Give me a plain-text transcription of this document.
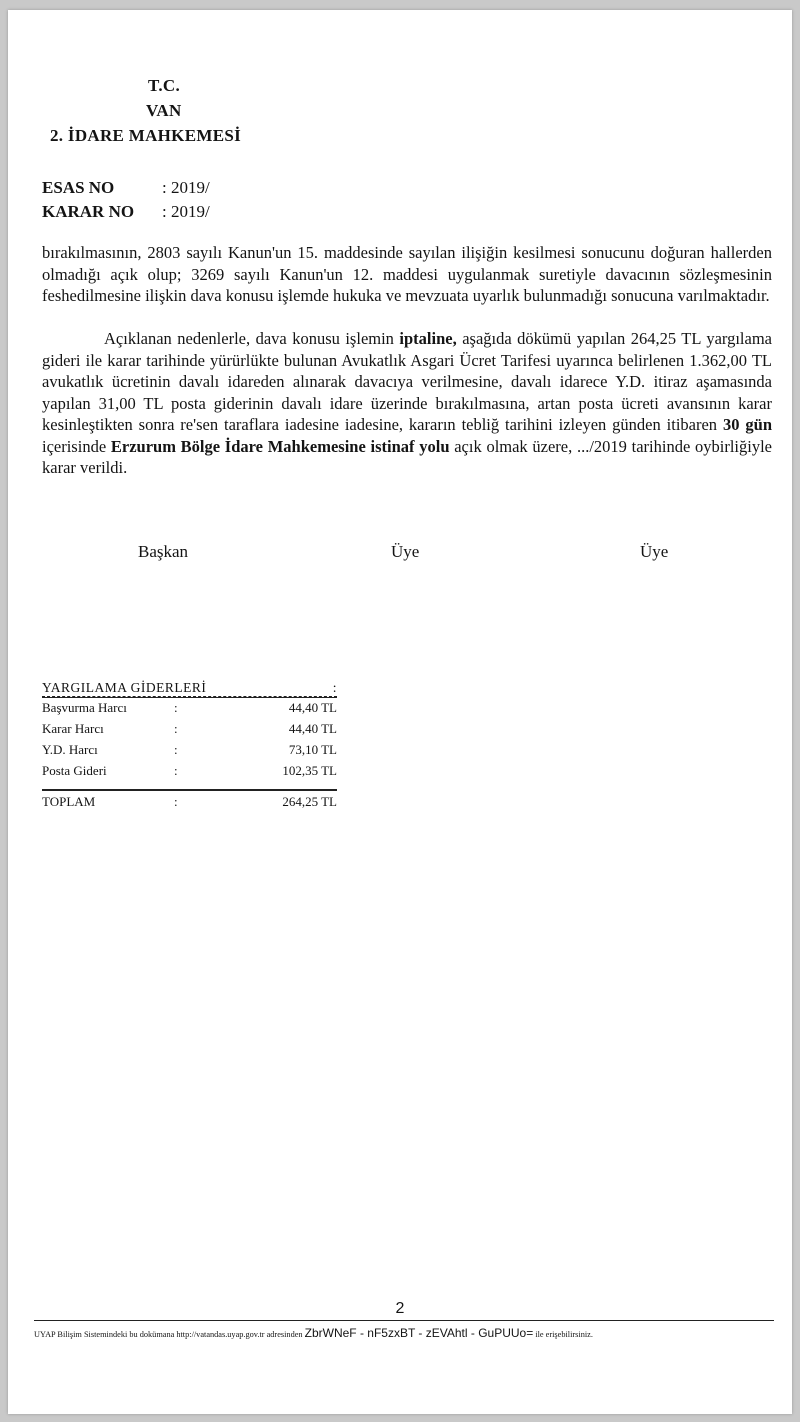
T.C.
VAN
2. İDARE MAHKEMESİ
ESAS NO	: 2019/
KARAR NO : 2019/
bırakılmasının, 2803 sayılı Kanun'un 15. maddesinde sayılan ilişiğin kesilmesi sonucunu doğuran hallerden olmadığı açık olup; 3269 sayılı Kanun'un 12. maddesi uygulanmak suretiyle davacının sözleşmesinin feshedilmesine ilişkin dava konusu işlemde hukuka ve mevzuata uyarlık bulunmadığı sonucuna varılmaktadır.
Açıklanan nedenlerle, dava konusu işlemin iptaline, aşağıda dökümü yapılan 264,25 TL yargılama gideri ile karar tarihinde yürürlükte bulunan Avukatlık Asgari Ücret Tarifesi uyarınca belirlenen 1.362,00 TL avukatlık ücretinin davalı idareden alınarak davacıya verilmesine, davalı idarece Y.D. itiraz aşamasında yapılan 31,00 TL posta giderinin davalı idare üzerinde bırakılmasına, artan posta ücreti avansının karar kesinleştikten sonra re'sen taraflara iadesine iadesine, kararın tebliğ tarihini izleyen günden itibaren 30 gün içerisinde Erzurum Bölge İdare Mahkemesine istinaf yolu açık olmak üzere, .../2019 tarihinde oybirliğiyle karar verildi.
Başkan	Üye	Üye
YARGILAMA GİDERLERİ	:
Başvurma Harcı	:	44,40 TL
Karar Harcı	:	44,40 TL
Y.D. Harcı	:	73,10 TL
Posta Gideri	:	102,35 TL
TOPLAM	:	264,25 TL
2
UYAP Bilişim Sistemindeki bu dokümana http://vatandas.uyap.gov.tr adresinden ZbrWNeF - nF5zxBT - zEVAhtl - GuPUUo= ile erişebilirsiniz.
